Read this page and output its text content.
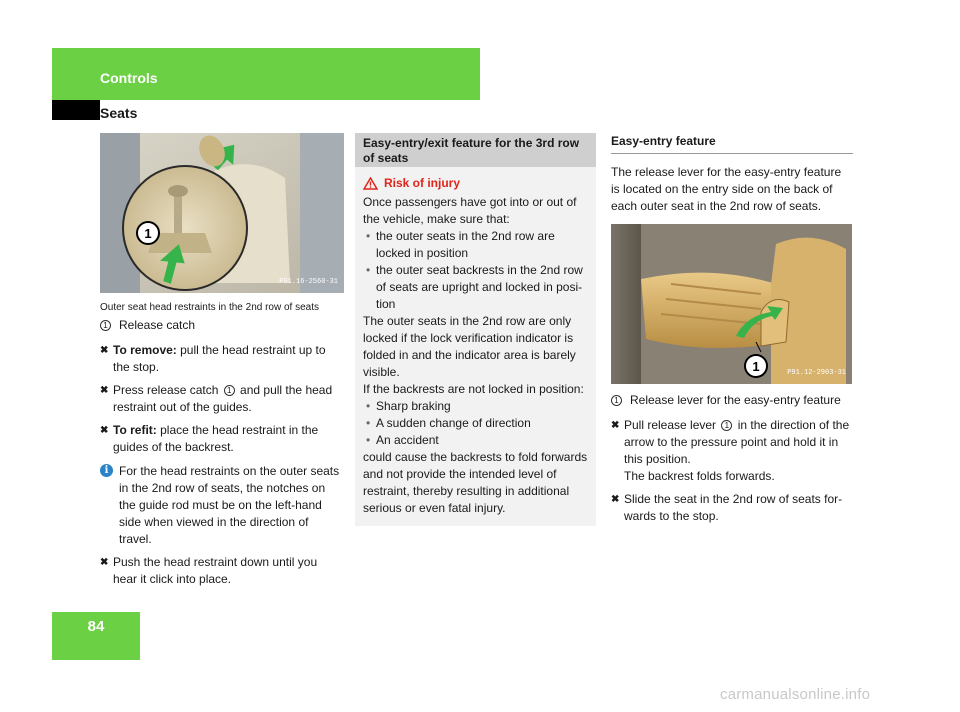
Controls
Seats
1
P91.16-2560-31
Outer seat head restraints in the 2nd row of seats
1 Release catch
✖ To remove: pull the head restraint up to the stop.
✖ Press release catch 1 and pull the head restraint out of the guides.
✖ To refit: place the head restraint in the guides of the backrest.
i For the head restraints on the outer seats in the 2nd row of seats, the notches on the guide rod must be on the left-hand side when viewed in the direction of travel.
✖ Push the head restraint down until you hear it click into place.
Easy-entry/exit feature for the 3rd row of seats
Risk of injury
Once passengers have got into or out of the vehicle, make sure that:
• the outer seats in the 2nd row are locked in position
• the outer seat backrests in the 2nd row of seats are upright and locked in posi-tion
The outer seats in the 2nd row are only locked if the lock verification indicator is folded in and the indicator area is barely visible.
If the backrests are not locked in position:
• Sharp braking
• A sudden change of direction
• An accident
could cause the backrests to fold forwards and not provide the intended level of restraint, thereby resulting in additional serious or even fatal injury.
Easy-entry feature
The release lever for the easy-entry feature is located on the entry side on the back of each outer seat in the 2nd row of seats.
1	P91.12-2903-31
1 Release lever for the easy-entry feature
✖ Pull release lever 1 in the direction of the arrow to the pressure point and hold it in this position.
The backrest folds forwards.
✖ Slide the seat in the 2nd row of seats for-wards to the stop.
84
carmanualsonline.info
